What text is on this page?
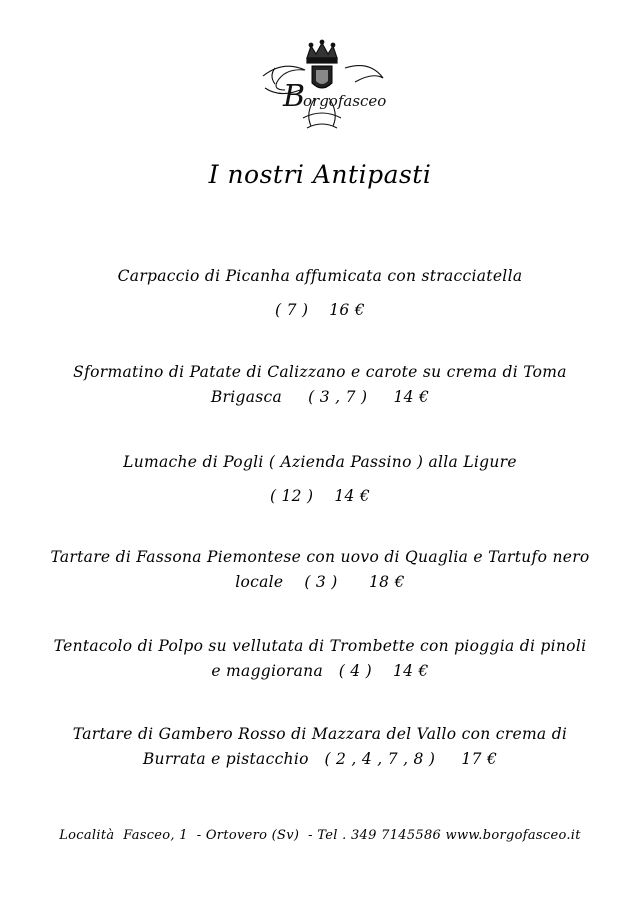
B
orgofasceo
I nostri Antipasti
Carpaccio di Picanha affumicata con stracciatella
( 7 ) 16 €
Sformatino di Patate di Calizzano e carote su crema di Toma Brigasca ( 3 , 7 ) 14 €
Lumache di Pogli ( Azienda Passino ) alla Ligure
( 12 ) 14 €
Tartare di Fassona Piemontese con uovo di Quaglia e Tartufo nero locale ( 3 ) 18 €
Tentacolo di Polpo su vellutata di Trombette con pioggia di pinoli e maggiorana ( 4 ) 14 €
Tartare di Gambero Rosso di Mazzara del Vallo con crema di Burrata e pistacchio ( 2 , 4 , 7 , 8 ) 17 €
Località  Fasceo, 1  - Ortovero (Sv)  - Tel . 349 7145586 www.borgofasceo.it
